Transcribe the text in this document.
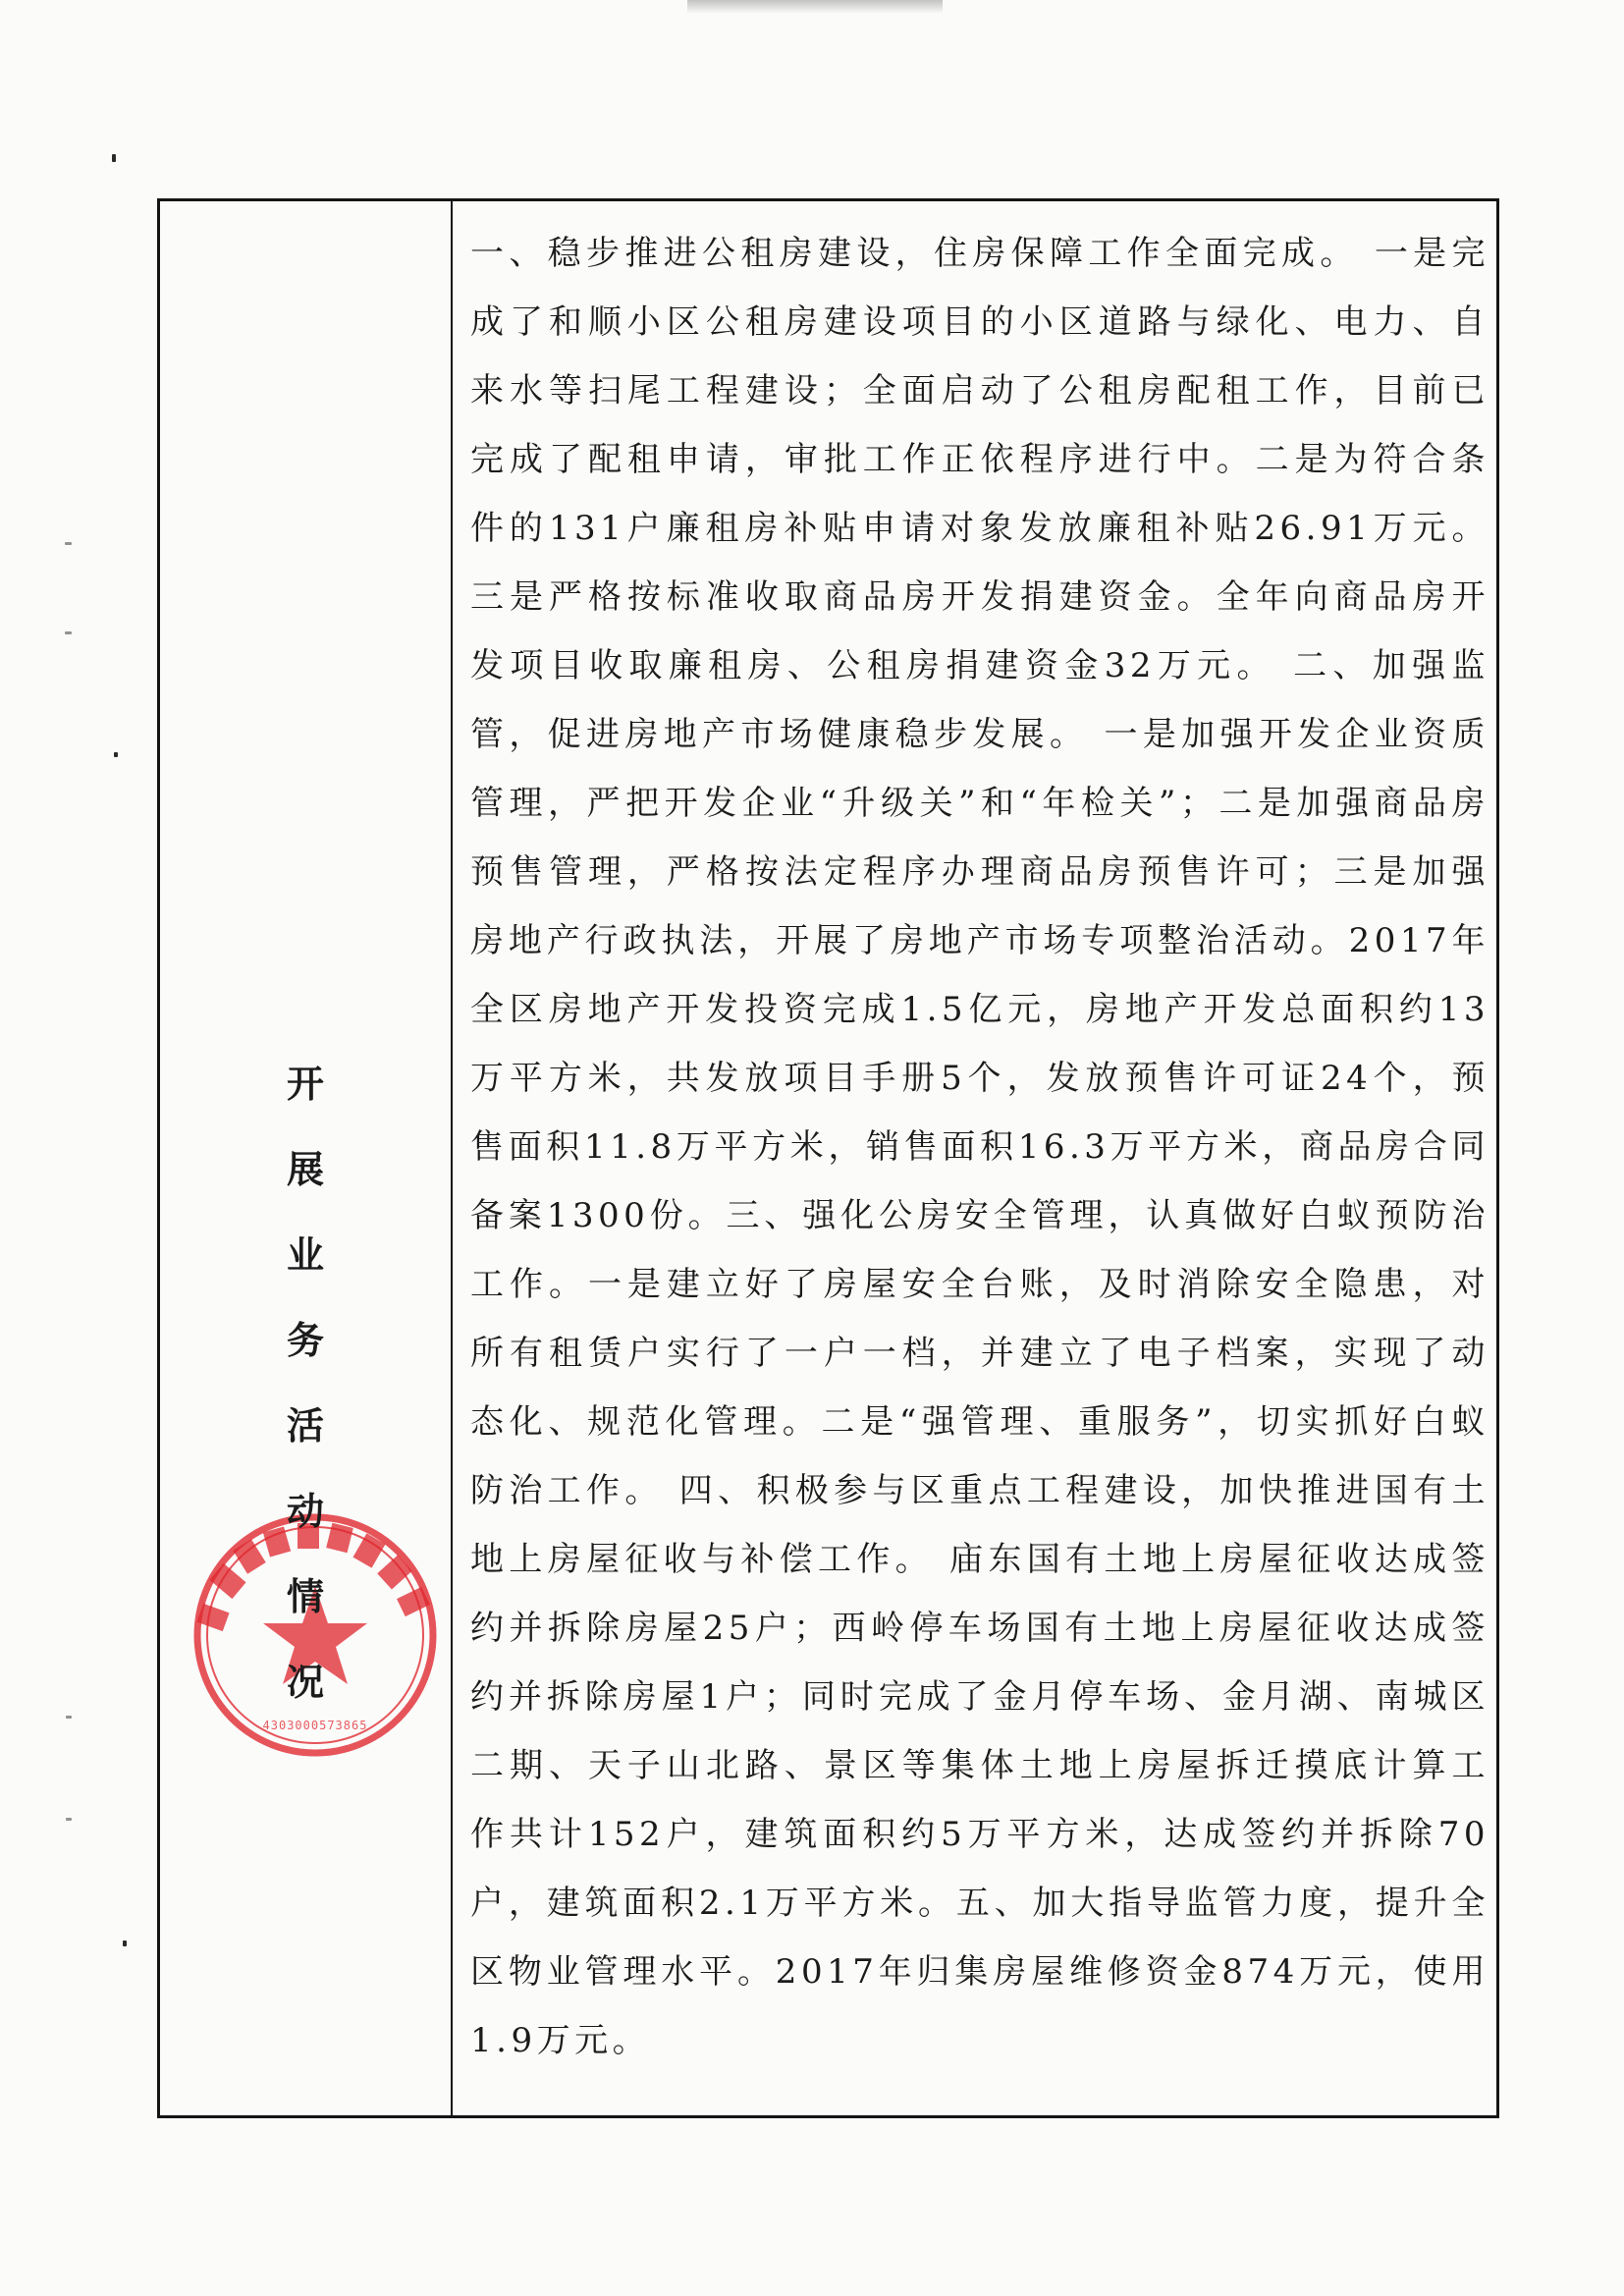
4303000573865
开
展
业
务
活
动
情
况

一、稳步推进公租房建设，住房保障工作全面完成。 一是完成了和顺小区公租房建设项目的小区道路与绿化、电力、自来水等扫尾工程建设；全面启动了公租房配租工作，目前已完成了配租申请，审批工作正依程序进行中。二是为符合条件的131户廉租房补贴申请对象发放廉租补贴26.91万元。三是严格按标准收取商品房开发捐建资金。全年向商品房开发项目收取廉租房、公租房捐建资金32万元。 二、加强监管，促进房地产市场健康稳步发展。 一是加强开发企业资质管理，严把开发企业“升级关”和“年检关”；二是加强商品房预售管理，严格按法定程序办理商品房预售许可；三是加强房地产行政执法，开展了房地产市场专项整治活动。2017年全区房地产开发投资完成1.5亿元，房地产开发总面积约13万平方米，共发放项目手册5个，发放预售许可证24个，预售面积11.8万平方米，销售面积16.3万平方米，商品房合同备案1300份。三、强化公房安全管理，认真做好白蚁预防治工作。一是建立好了房屋安全台账，及时消除安全隐患，对所有租赁户实行了一户一档，并建立了电子档案，实现了动态化、规范化管理。二是“强管理、重服务”，切实抓好白蚁防治工作。 四、积极参与区重点工程建设，加快推进国有土地上房屋征收与补偿工作。 庙东国有土地上房屋征收达成签约并拆除房屋25户；西岭停车场国有土地上房屋征收达成签约并拆除房屋1户；同时完成了金月停车场、金月湖、南城区二期、天子山北路、景区等集体土地上房屋拆迁摸底计算工作共计152户，建筑面积约5万平方米，达成签约并拆除70户，建筑面积2.1万平方米。五、加大指导监管力度，提升全区物业管理水平。2017年归集房屋维修资金874万元，使用1.9万元。
